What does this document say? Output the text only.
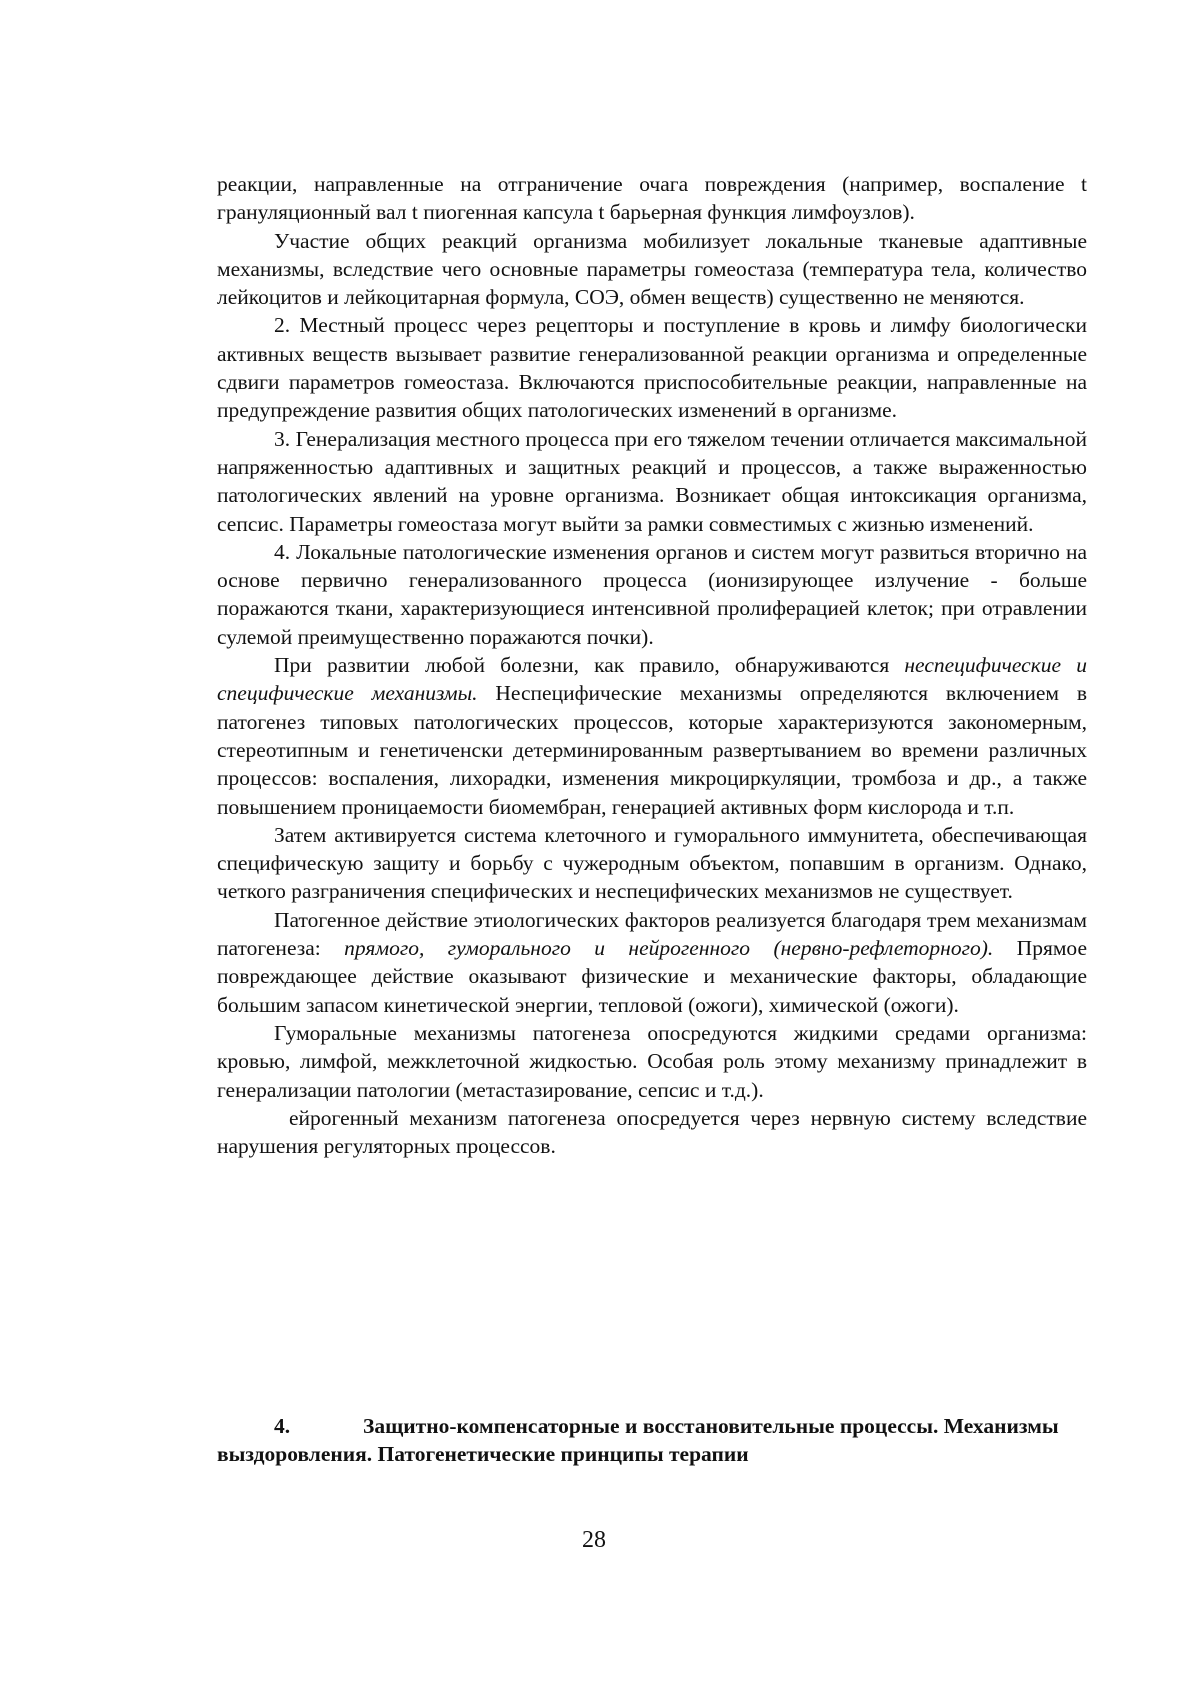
реакции, направленные на отграничение очага повреждения (например, воспаление t грануляционный вал t пиогенная капсула t барьерная функция лимфоузлов).

Участие общих реакций организма мобилизует локальные тканевые адаптивные механизмы, вследствие чего основные параметры гомеостаза (температура тела, количество лейкоцитов и лейкоцитарная формула, СОЭ, обмен веществ) существенно не меняются.

2. Местный процесс через рецепторы и поступление в кровь и лимфу биологически активных веществ вызывает развитие генерализованной реакции организма и определенные сдвиги параметров гомеостаза. Включаются приспособительные реакции, направленные на предупреждение развития общих патологических изменений в организме.

3. Генерализация местного процесса при его тяжелом течении отличается максимальной напряженностью адаптивных и защитных реакций и процессов, а также выраженностью патологических явлений на уровне организма. Возникает общая интоксикация организма, сепсис. Параметры гомеостаза могут выйти за рамки совместимых с жизнью изменений.

4. Локальные патологические изменения органов и систем могут развиться вторично на основе первично генерализованного процесса (ионизирующее излучение - больше поражаются ткани, характеризующиеся интенсивной пролиферацией клеток; при отравлении сулемой преимущественно поражаются почки).

При развитии любой болезни, как правило, обнаруживаются неспецифические и специфические механизмы. Неспецифические механизмы определяются включением в патогенез типовых патологических процессов, которые характеризуются закономерным, стереотипным и генетиченски детерминированным развертыванием во времени различных процессов: воспаления, лихорадки, изменения микроциркуляции, тромбоза и др., а также повышением проницаемости биомембран, генерацией активных форм кислорода и т.п.

Затем активируется система клеточного и гуморального иммунитета, обеспечивающая специфическую защиту и борьбу с чужеродным объектом, попавшим в организм. Однако, четкого разграничения специфических и неспецифических механизмов не существует.

Патогенное действие этиологических факторов реализуется благодаря трем механизмам патогенеза: прямого, гуморального и нейрогенного (нервно-рефлеторного). Прямое повреждающее действие оказывают физические и механические факторы, обладающие большим запасом кинетической энергии, тепловой (ожоги), химической (ожоги).

Гуморальные механизмы патогенеза опосредуются жидкими средами организма: кровью, лимфой, межклеточной жидкостью. Особая роль этому механизму принадлежит в генерализации патологии (метастазирование, сепсис и т.д.).

ейрогенный механизм патогенеза опосредуется через нервную систему вследствие нарушения регуляторных процессов.

4.	Защитно-компенсаторные и восстановительные процессы. Механизмы выздоровления. Патогенетические принципы терапии
28
